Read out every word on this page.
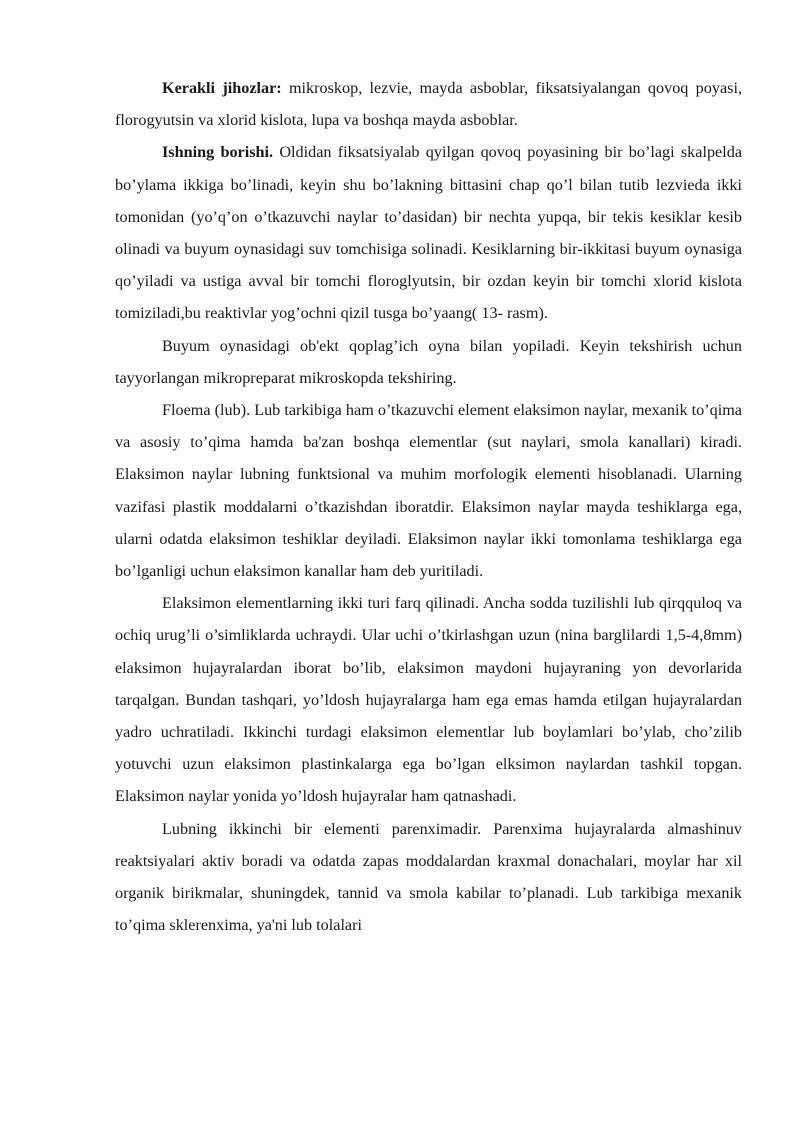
Kerakli jihozlar: mikroskop, lezvie, mayda asboblar, fiksatsiyalangan qovoq poyasi, florogyutsin va xlorid kislota, lupa va boshqa mayda asboblar.

Ishning borishi. Oldidan fiksatsiyalab qyilgan qovoq poyasining bir bo’lagi skalpelda bo’ylama ikkiga bo’linadi, keyin shu bo’lakning bittasini chap qo’l bilan tutib lezvieda ikki tomonidan (yo’q’on o’tkazuvchi naylar to’dasidan) bir nechta yupqa, bir tekis kesiklar kesib olinadi va buyum oynasidagi suv tomchisiga solinadi. Kesiklarning bir-ikkitasi buyum oynasiga qo’yiladi va ustiga avval bir tomchi floroglyutsin, bir ozdan keyin bir tomchi xlorid kislota tomiziladi,bu reaktivlar yog’ochni qizil tusga bo’yaang( 13- rasm).

Buyum oynasidagi ob'ekt qoplag’ich oyna bilan yopiladi. Keyin tekshirish uchun tayyorlangan mikropreparat mikroskopda tekshiring.

Floema (lub). Lub tarkibiga ham o’tkazuvchi element elaksimon naylar, mexanik to’qima va asosiy to’qima hamda ba'zan boshqa elementlar (sut naylari, smola kanallari) kiradi. Elaksimon naylar lubning funktsional va muhim morfologik elementi hisoblanadi. Ularning vazifasi plastik moddalarni o’tkazishdan iboratdir. Elaksimon naylar mayda teshiklarga ega, ularni odatda elaksimon teshiklar deyiladi. Elaksimon naylar ikki tomonlama teshiklarga ega bo’lganligi uchun elaksimon kanallar ham deb yuritiladi.

Elaksimon elementlarning ikki turi farq qilinadi. Ancha sodda tuzilishli lub qirqquloq va ochiq urug’li o’simliklarda uchraydi. Ular uchi o’tkirlashgan uzun (nina barglilardi 1,5-4,8mm) elaksimon hujayralardan iborat bo’lib, elaksimon maydoni hujayraning yon devorlarida tarqalgan. Bundan tashqari, yo’ldosh hujayralarga ham ega emas hamda etilgan hujayralardan yadro uchratiladi. Ikkinchi turdagi elaksimon elementlar lub boylamlari bo’ylab, cho’zilib yotuvchi uzun elaksimon plastinkalarga ega bo’lgan elksimon naylardan tashkil topgan. Elaksimon naylar yonida yo’ldosh hujayralar ham qatnashadi.

Lubning ikkinchi bir elementi parenximadir. Parenxima hujayralarda almashinuv reaktsiyalari aktiv boradi va odatda zapas moddalardan kraxmal donachalari, moylar har xil organik birikmalar, shuningdek, tannid va smola kabilar to’planadi. Lub tarkibiga mexanik to’qima sklerenxima, ya'ni lub tolalari
